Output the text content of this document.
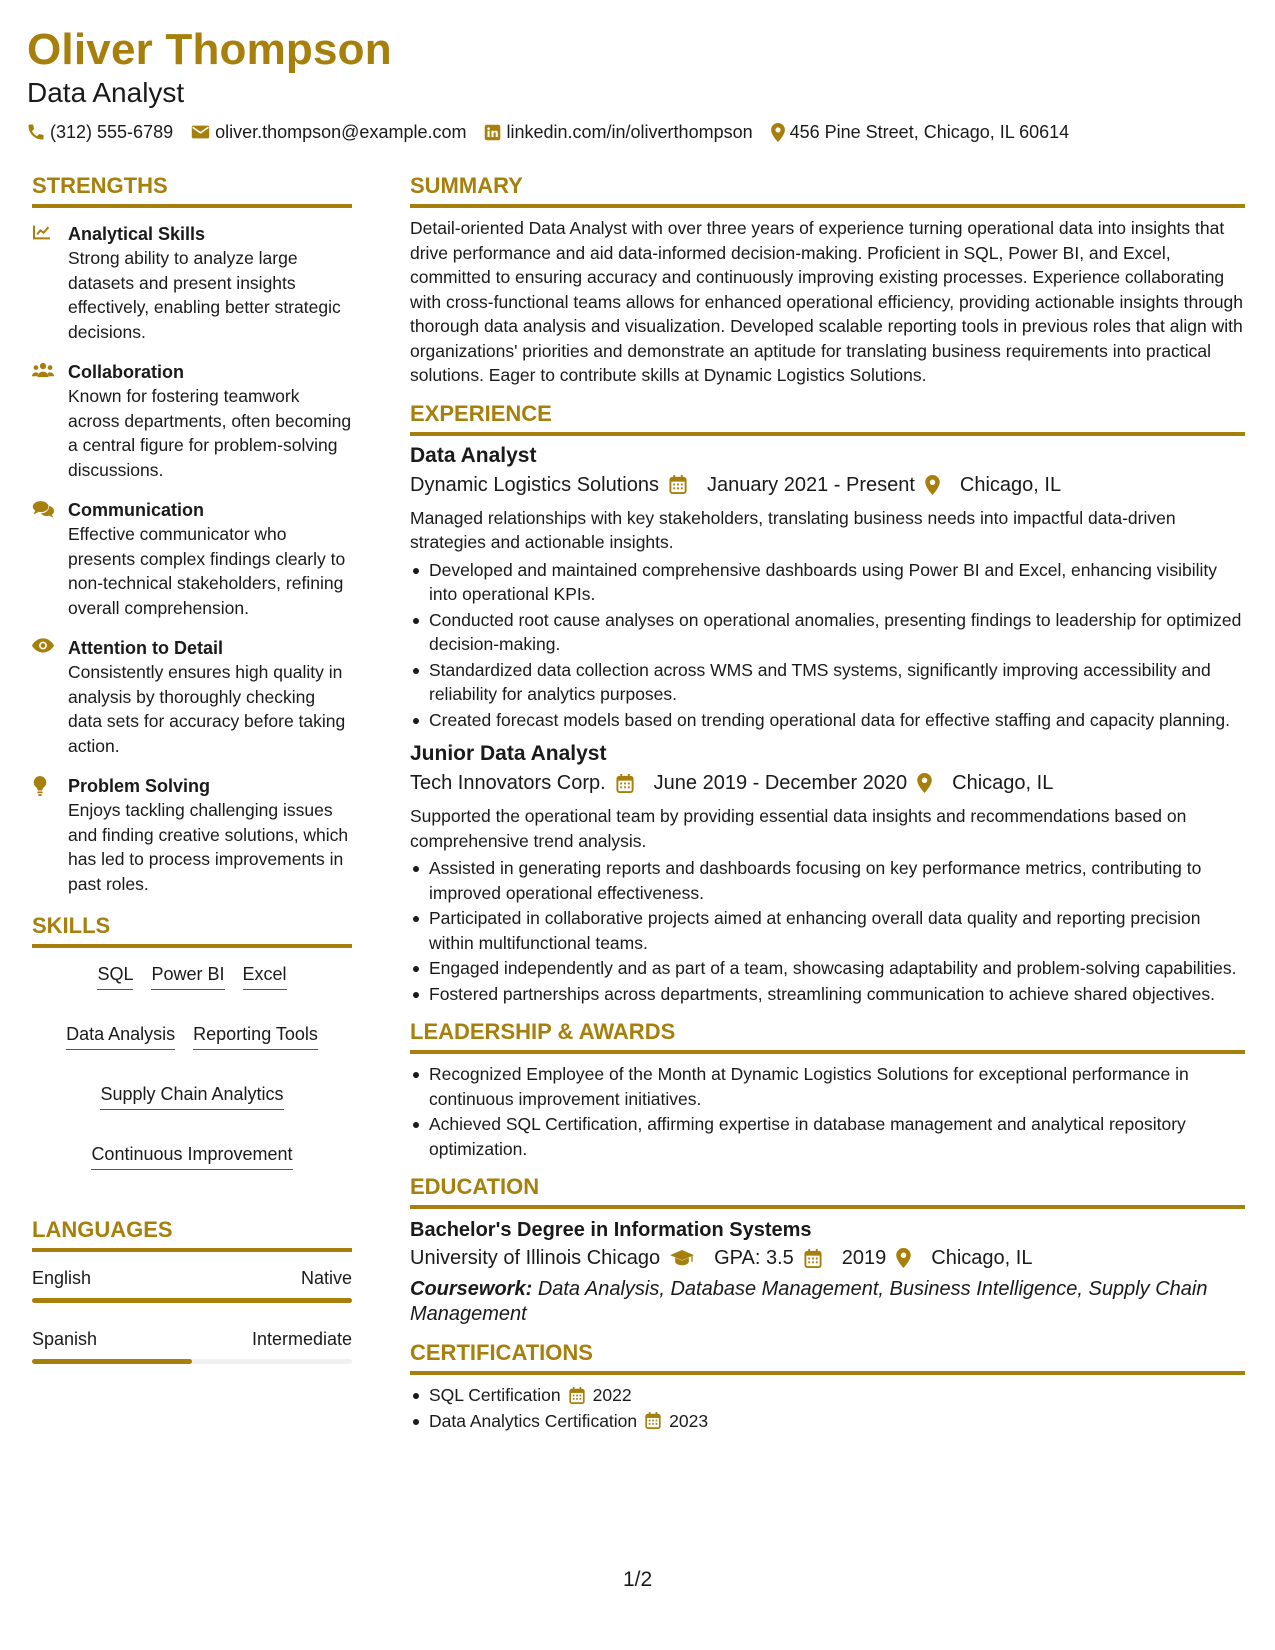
Oliver Thompson
Data Analyst
(312) 555-6789 oliver.thompson@example.com linkedin.com/in/oliverthompson 456 Pine Street, Chicago, IL 60614
STRENGTHS
Analytical Skills
Strong ability to analyze large datasets and present insights effectively, enabling better strategic decisions.
Collaboration
Known for fostering teamwork across departments, often becoming a central figure for problem-solving discussions.
Communication
Effective communicator who presents complex findings clearly to non-technical stakeholders, refining overall comprehension.
Attention to Detail
Consistently ensures high quality in analysis by thoroughly checking data sets for accuracy before taking action.
Problem Solving
Enjoys tackling challenging issues and finding creative solutions, which has led to process improvements in past roles.
SKILLS
SQL Power BI Excel
Data Analysis Reporting Tools
Supply Chain Analytics
Continuous Improvement
LANGUAGES
English	Native
Spanish	Intermediate
SUMMARY
Detail-oriented Data Analyst with over three years of experience turning operational data into insights that drive performance and aid data-informed decision-making. Proficient in SQL, Power BI, and Excel, committed to ensuring accuracy and continuously improving existing processes. Experience collaborating with cross-functional teams allows for enhanced operational efficiency, providing actionable insights through thorough data analysis and visualization. Developed scalable reporting tools in previous roles that align with organizations' priorities and demonstrate an aptitude for translating business requirements into practical solutions. Eager to contribute skills at Dynamic Logistics Solutions.
EXPERIENCE
Data Analyst
Dynamic Logistics Solutions January 2021 - Present Chicago, IL
Managed relationships with key stakeholders, translating business needs into impactful data-driven strategies and actionable insights.
Developed and maintained comprehensive dashboards using Power BI and Excel, enhancing visibility into operational KPIs.
Conducted root cause analyses on operational anomalies, presenting findings to leadership for optimized decision-making.
Standardized data collection across WMS and TMS systems, significantly improving accessibility and reliability for analytics purposes.
Created forecast models based on trending operational data for effective staffing and capacity planning.
Junior Data Analyst
Tech Innovators Corp. June 2019 - December 2020 Chicago, IL
Supported the operational team by providing essential data insights and recommendations based on comprehensive trend analysis.
Assisted in generating reports and dashboards focusing on key performance metrics, contributing to improved operational effectiveness.
Participated in collaborative projects aimed at enhancing overall data quality and reporting precision within multifunctional teams.
Engaged independently and as part of a team, showcasing adaptability and problem-solving capabilities.
Fostered partnerships across departments, streamlining communication to achieve shared objectives.
LEADERSHIP & AWARDS
Recognized Employee of the Month at Dynamic Logistics Solutions for exceptional performance in continuous improvement initiatives.
Achieved SQL Certification, affirming expertise in database management and analytical repository optimization.
EDUCATION
Bachelor's Degree in Information Systems
University of Illinois Chicago	GPA: 3.5 2019 Chicago, IL
Coursework: Data Analysis, Database Management, Business Intelligence, Supply Chain Management
CERTIFICATIONS
SQL Certification 2022
Data Analytics Certification 2023
1/2
